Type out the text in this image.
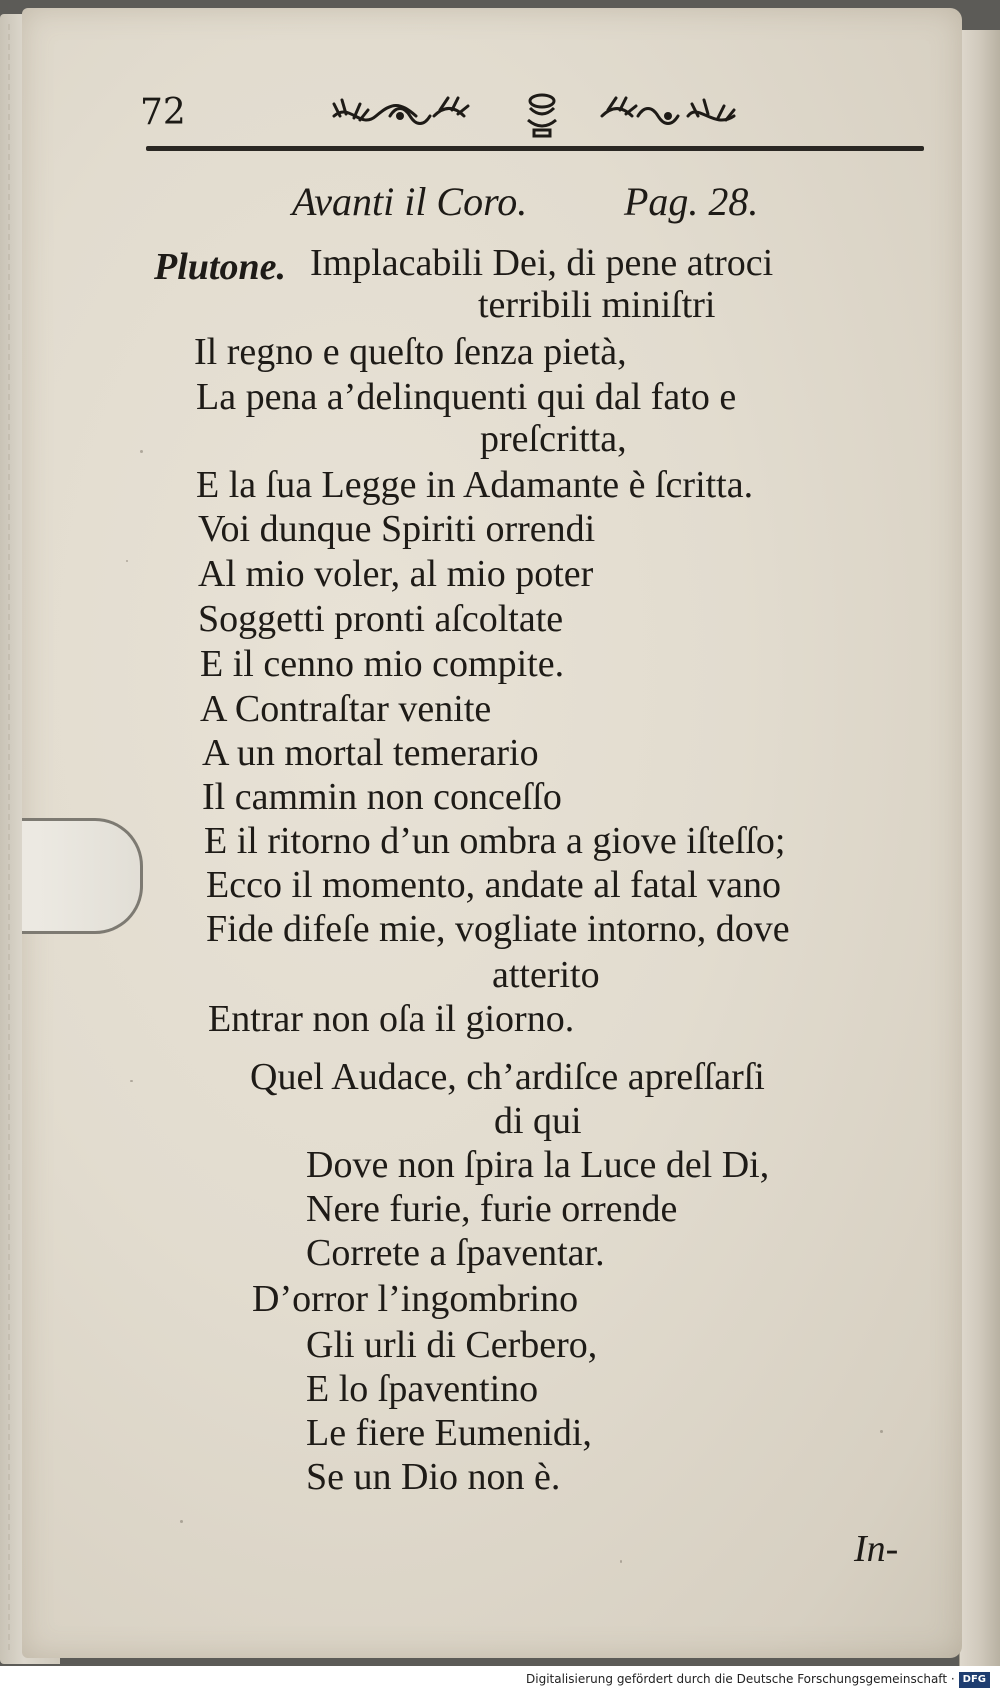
72
Avanti il Coro. Pag. 28.
Plutone. Implacabili Dei, di pene atroci
terribili miniſtri
Il regno e queſto ſenza pietà,
La pena a’delinquenti qui dal fato e
preſcritta,
E la ſua Legge in Adamante è ſcritta.
Voi dunque Spiriti orrendi
Al mio voler, al mio poter
Soggetti pronti aſcoltate
E il cenno mio compite.
A Contraſtar venite
A un mortal temerario
Il cammin non conceſſo
E il ritorno d’un ombra a giove iſteſſo;
Ecco il momento, andate al fatal vano
Fide difeſe mie, vogliate intorno, dove
atterito
Entrar non oſa il giorno.
Quel Audace, ch’ardiſce apreſſarſi
di qui
Dove non ſpira la Luce del Di,
Nere furie, furie orrende
Correte a ſpaventar.
D’orror l’ingombrino
Gli urli di Cerbero,
E lo ſpaventino
Le fiere Eumenidi,
Se un Dio non è.
In-
Digitalisierung gefördert durch die Deutsche Forschungsgemeinschaft · DFG
